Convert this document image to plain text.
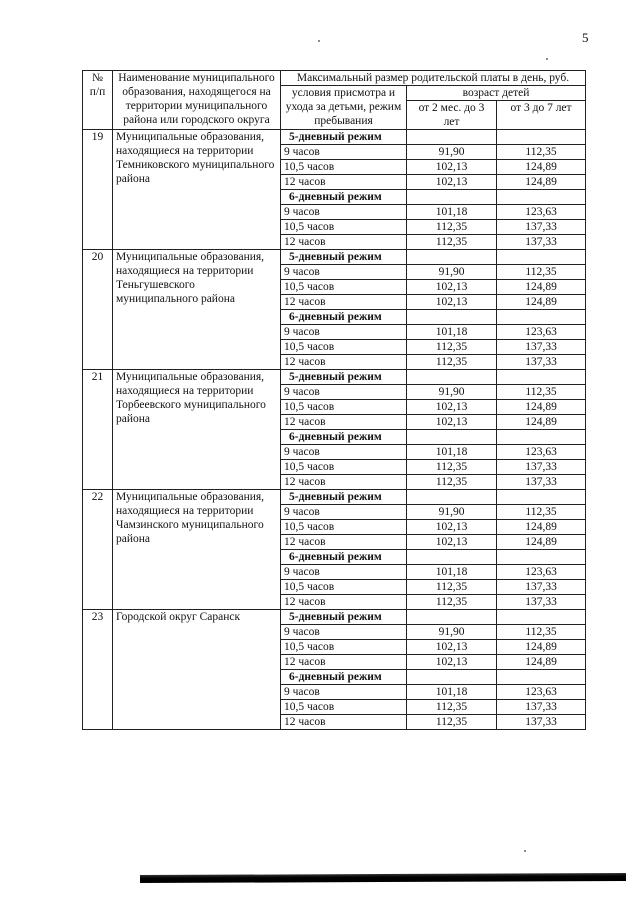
5
№
п/п	Наименование муниципального образования, находящегося на территории муниципального района или городского округа	Максимальный размер родительской платы в день, руб.		
		условия присмотра и ухода за детьми, режим пребывания	возраст детей	
			от 2 мес. до 3 лет	от 3 до 7 лет
19	Муниципальные образования, находящиеся на территории Темниковского муниципального района	5-дневный режим		
		9 часов	91,90	112,35
		10,5 часов	102,13	124,89
		12 часов	102,13	124,89
		6-дневный режим		
		9 часов	101,18	123,63
		10,5 часов	112,35	137,33
		12 часов	112,35	137,33
20	Муниципальные образования, находящиеся на территории Теньгушевского муниципального района	5-дневный режим		
		9 часов	91,90	112,35
		10,5 часов	102,13	124,89
		12 часов	102,13	124,89
		6-дневный режим		
		9 часов	101,18	123,63
		10,5 часов	112,35	137,33
		12 часов	112,35	137,33
21	Муниципальные образования, находящиеся на территории Торбеевского муниципального района	5-дневный режим		
		9 часов	91,90	112,35
		10,5 часов	102,13	124,89
		12 часов	102,13	124,89
		6-дневный режим		
		9 часов	101,18	123,63
		10,5 часов	112,35	137,33
		12 часов	112,35	137,33
22	Муниципальные образования, находящиеся на территории Чамзинского муниципального района	5-дневный режим		
		9 часов	91,90	112,35
		10,5 часов	102,13	124,89
		12 часов	102,13	124,89
		6-дневный режим		
		9 часов	101,18	123,63
		10,5 часов	112,35	137,33
		12 часов	112,35	137,33
23	Городской округ Саранск	5-дневный режим		
		9 часов	91,90	112,35
		10,5 часов	102,13	124,89
		12 часов	102,13	124,89
		6-дневный режим		
		9 часов	101,18	123,63
		10,5 часов	112,35	137,33
		12 часов	112,35	137,33
